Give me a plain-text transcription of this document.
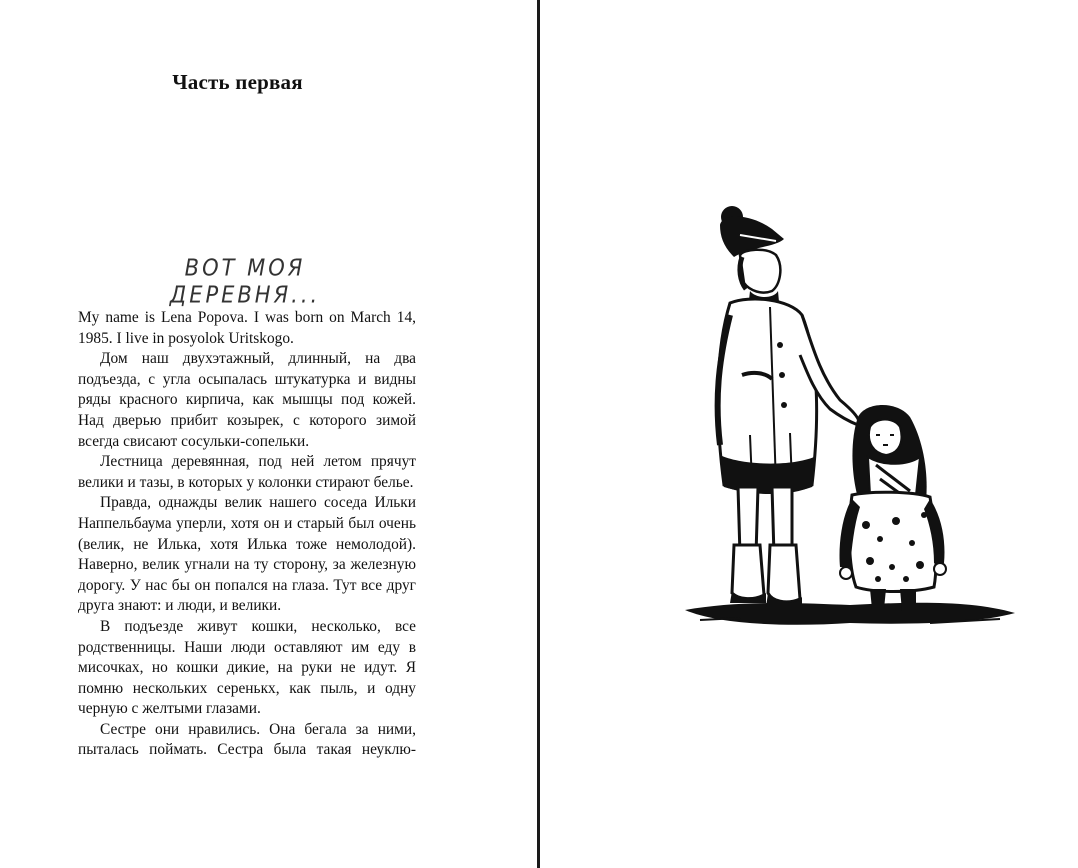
Часть первая
ВОТ МОЯ ДЕРЕВНЯ...

My name is Lena Popova. I was born on March 14, 1985. I live in posyolok Uritskogo.

Дом наш двухэтажный, длинный, на два подъезда, с угла осыпалась штукатурка и видны ряды красного кирпича, как мышцы под кожей. Над дверью прибит козырек, с которого зимой всегда свисают сосульки-сопельки.

Лестница деревянная, под ней летом прячут велики и тазы, в которых у колонки стирают белье.

Правда, однажды велик нашего соседа Ильки Наппельбаума уперли, хотя он и старый был очень (велик, не Илька, хотя Илька тоже немолодой). Наверно, велик угнали на ту сторону, за железную дорогу. У нас бы он попался на глаза. Тут все друг друга знают: и люди, и велики.

В подъезде живут кошки, несколько, все родственницы. Наши люди оставляют им еду в мисочках, но кошки дикие, на руки не идут. Я помню нескольких серенькх, как пыль, и одну черную с желтыми глазами.

Сестре они нравились. Она бегала за ними, пыталась поймать. Сестра была такая неуклю-
